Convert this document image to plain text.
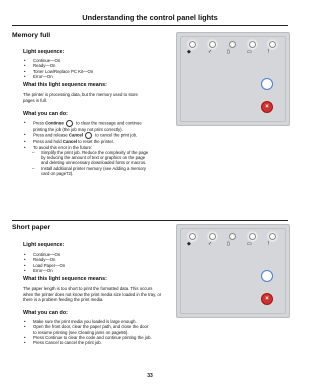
Understanding the control panel lights
Memory full
Light sequence:
• Continue—On
• Ready—On
• Toner Low/Replace PC Kit—On
• Error—On
What this light sequence means:
The printer is processing data, but the memory used to store pages is full.
What you can do:
• Press Continue	to clear the message and continue printing the job (the job may not print correctly).
• Press and release Cancel	to cancel the print job.
• Press and hold Cancel to reset the printer.
• To avoid this error in the future:
– Simplify the print job. Reduce the complexity of the page by reducing the amount of text or graphics on the page and deleting unnecessary downloaded fonts or macros.
– Install additional printer memory (see Adding a memory card on page72).
◆	✓	▯	▭	!
×
Short paper
Light sequence:
• Continue—On
• Ready—On
• Load Paper—On
• Error—On
What this light sequence means:
The paper length is too short to print the formatted data. This occurs when the printer does not know the print media size loaded in the tray, or there is a problem feeding the print media.
What you can do:
• Make sure the print media you loaded is large enough.
• Open the front door, clear the paper path, and close the door to resume printing (see Clearing jams on page56).
• Press Continue to clear the code and continue printing the job.
• Press Cancel to cancel the print job.
◆	✓	▯	▭	!
×
33
